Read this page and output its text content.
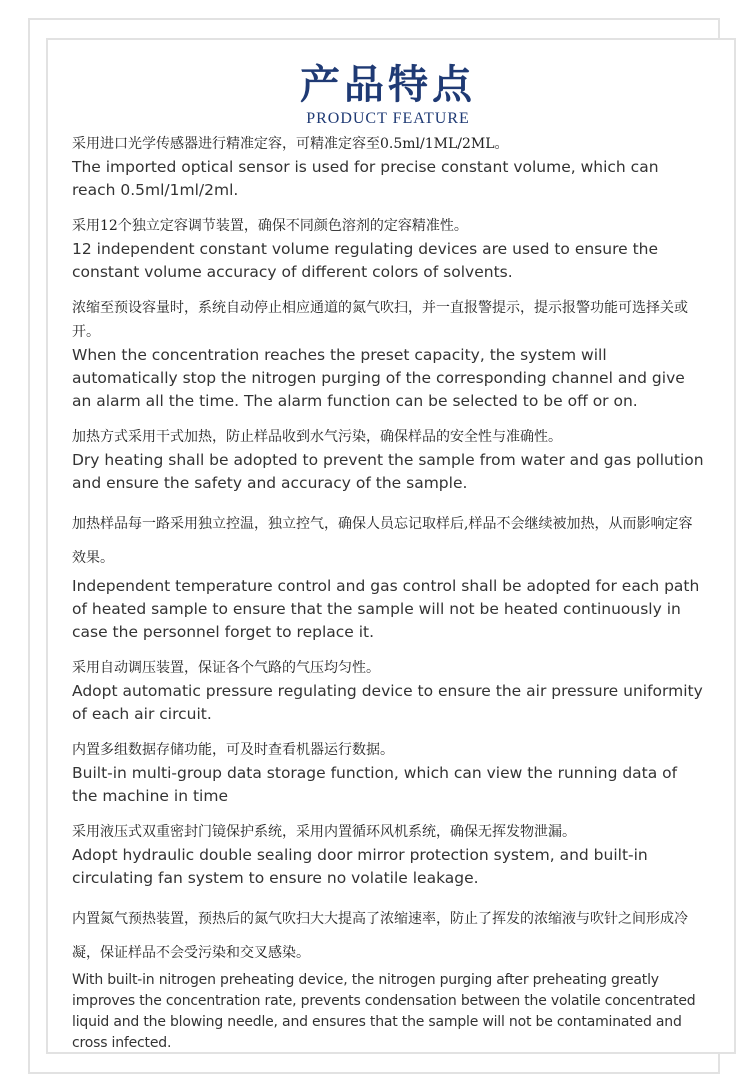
产品特点

PRODUCT FEATURE

采用进口光学传感器进行精准定容，可精准定容至0.5ml/1ML/2ML。

The imported optical sensor is used for precise constant volume, which can reach 0.5ml/1ml/2ml.

采用12个独立定容调节装置，确保不同颜色溶剂的定容精准性。

12 independent constant volume regulating devices are used to ensure the constant volume accuracy of different colors of solvents.

浓缩至预设容量时，系统自动停止相应通道的氮气吹扫，并一直报警提示，提示报警功能可选择关或开。

When the concentration reaches the preset capacity, the system will automatically stop the nitrogen purging of the corresponding channel and give an alarm all the time. The alarm function can be selected to be off or on.

加热方式采用干式加热，防止样品收到水气污染，确保样品的安全性与准确性。

Dry heating shall be adopted to prevent the sample from water and gas pollution and ensure the safety and accuracy of the sample.

加热样品每一路采用独立控温，独立控气，确保人员忘记取样后,样品不会继续被加热，从而影响定容效果。

Independent temperature control and gas control shall be adopted for each path of heated sample to ensure that the sample will not be heated continuously in case the personnel forget to replace it.

采用自动调压装置，保证各个气路的气压均匀性。

Adopt automatic pressure regulating device to ensure the air pressure uniformity of each air circuit.

内置多组数据存储功能，可及时查看机器运行数据。

Built-in multi-group data storage function, which can view the running data of the machine in time

采用液压式双重密封门镜保护系统，采用内置循环风机系统，确保无挥发物泄漏。

Adopt hydraulic double sealing door mirror protection system, and built-in circulating fan system to ensure no volatile leakage.

内置氮气预热装置，预热后的氮气吹扫大大提高了浓缩速率，防止了挥发的浓缩液与吹针之间形成冷凝，保证样品不会受污染和交叉感染。

With built-in nitrogen preheating device, the nitrogen purging after preheating greatly improves the concentration rate, prevents condensation between the volatile concentrated liquid and the blowing needle, and ensures that the sample will not be contaminated and cross infected.
